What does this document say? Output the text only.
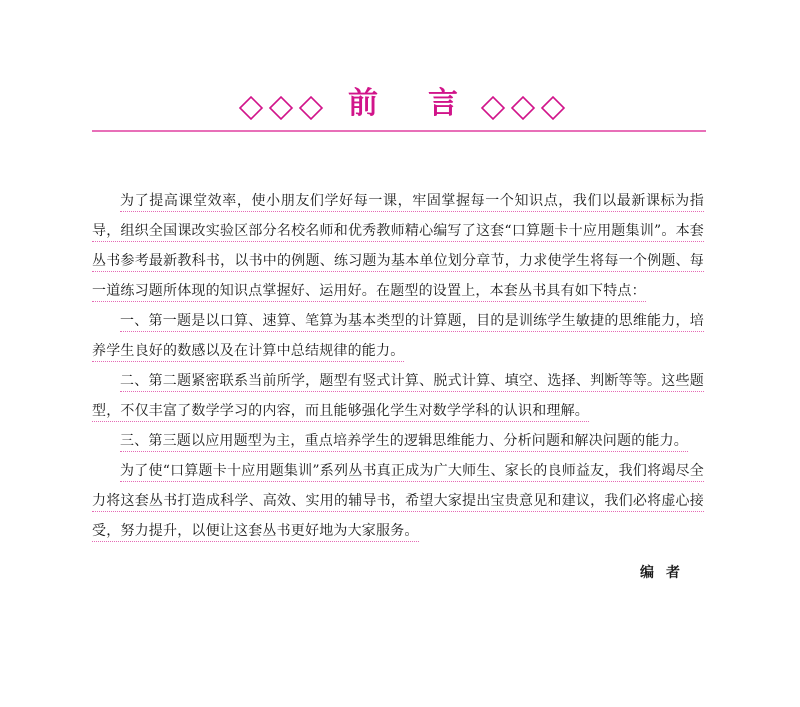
前 言

为了提高课堂效率，使小朋友们学好每一课，牢固掌握每一个知识点，我们以最新课标为指导，组织全国课改实验区部分名校名师和优秀教师精心编写了这套“口算题卡十应用题集训”。本套丛书参考最新教科书，以书中的例题、练习题为基本单位划分章节，力求使学生将每一个例题、每一道练习题所体现的知识点掌握好、运用好。在题型的设置上，本套丛书具有如下特点：

一、第一题是以口算、速算、笔算为基本类型的计算题，目的是训练学生敏捷的思维能力，培养学生良好的数感以及在计算中总结规律的能力。

二、第二题紧密联系当前所学，题型有竖式计算、脱式计算、填空、选择、判断等等。这些题型，不仅丰富了数学学习的内容，而且能够强化学生对数学学科的认识和理解。

三、第三题以应用题型为主，重点培养学生的逻辑思维能力、分析问题和解决问题的能力。

为了使“口算题卡十应用题集训”系列丛书真正成为广大师生、家长的良师益友，我们将竭尽全力将这套丛书打造成科学、高效、实用的辅导书，希望大家提出宝贵意见和建议，我们必将虚心接受，努力提升，以便让这套丛书更好地为大家服务。

编者
